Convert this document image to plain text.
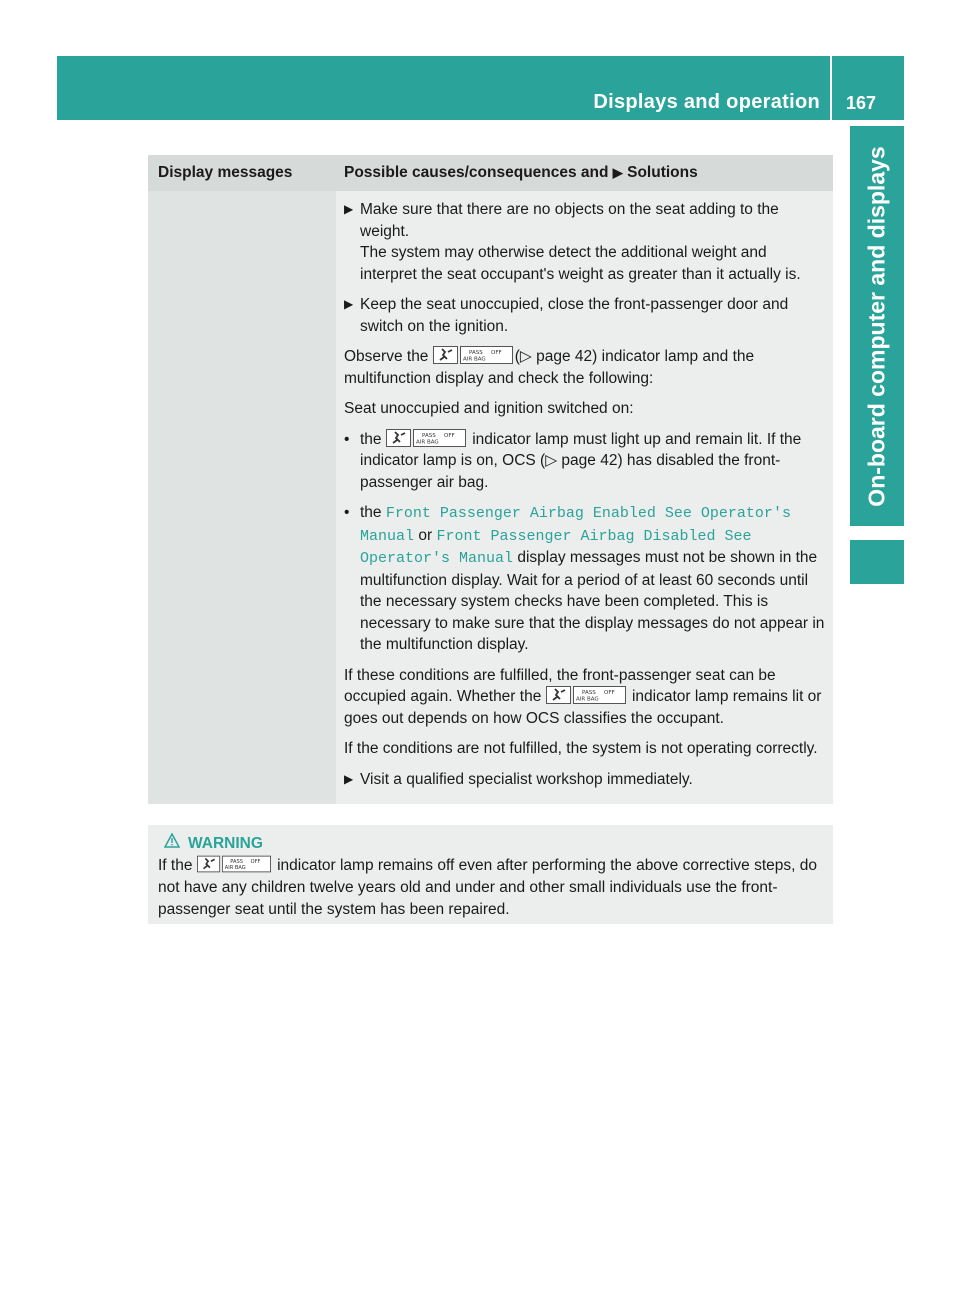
Displays and operation	167
On-board computer and displays
Display messages	Possible causes/consequences and ▶ Solutions
▶ Make sure that there are no objects on the seat adding to the weight.
The system may otherwise detect the additional weight and interpret the seat occupant's weight as greater than it actually is.
▶ Keep the seat unoccupied, close the front-passenger door and switch on the ignition.

Observe the	PASS
AIR BAG
OFF (▷ page 42) indicator lamp and the multifunction display and check the following:

Seat unoccupied and ignition switched on:

• the	PASS
AIR BAG
OFF indicator lamp must light up and remain lit. If the indicator lamp is on, OCS (▷ page 42) has disabled the front-passenger air bag.
• the Front Passenger Airbag Enabled See Operator's Manual or Front Passenger Airbag Disabled See Operator's Manual display messages must not be shown in the multifunction display. Wait for a period of at least 60 seconds until the necessary system checks have been completed. This is necessary to make sure that the display messages do not appear in the multifunction display.

If these conditions are fulfilled, the front-passenger seat can be occupied again. Whether the	PASS
AIR BAG
OFF indicator lamp remains lit or goes out depends on how OCS classifies the occupant.

If the conditions are not fulfilled, the system is not operating correctly.

▶ Visit a qualified specialist workshop immediately.
WARNING
If the	PASS
AIR BAG
OFF indicator lamp remains off even after performing the above corrective steps, do not have any children twelve years old and under and other small individuals use the front-passenger seat until the system has been repaired.
